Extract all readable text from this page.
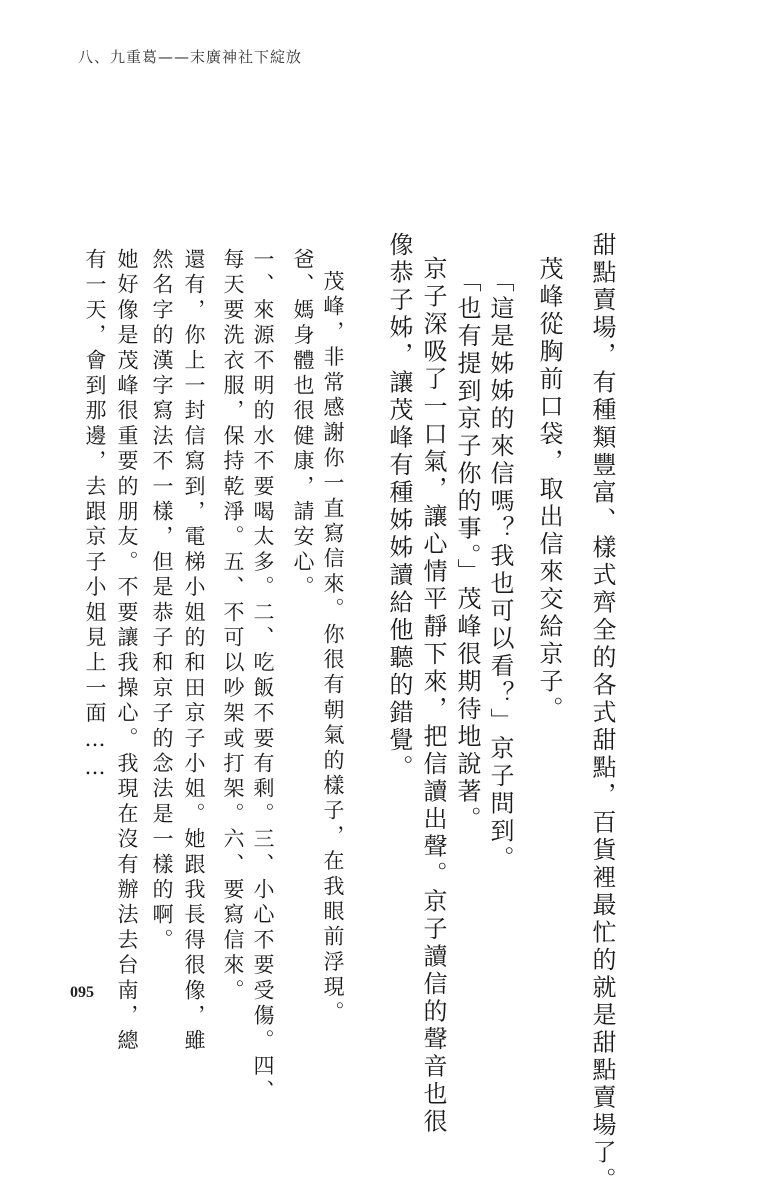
八、九重葛——末廣神社下綻放
甜點賣場，有種類豐富、樣式齊全的各式甜點，百貨裡最忙的就是甜點賣場了。
茂峰從胸前口袋，取出信來交給京子。
「這是姊姊的來信嗎？我也可以看？」京子問到。
「也有提到京子你的事。」茂峰很期待地說著。
京子深吸了一口氣，讓心情平靜下來，把信讀出聲。京子讀信的聲音也很
像恭子姊，讓茂峰有種姊姊讀給他聽的錯覺。
茂峰，非常感謝你一直寫信來。你很有朝氣的樣子，在我眼前浮現。
爸、媽身體也很健康，請安心。
一、來源不明的水不要喝太多。二、吃飯不要有剩。三、小心不要受傷。四、
每天要洗衣服，保持乾淨。五、不可以吵架或打架。六、要寫信來。
還有，你上一封信寫到，電梯小姐的和田京子小姐。她跟我長得很像，雖
然名字的漢字寫法不一樣，但是恭子和京子的念法是一樣的啊。
她好像是茂峰很重要的朋友。不要讓我操心。我現在沒有辦法去台南，總
有一天，會到那邊，去跟京子小姐見上一面……
095
